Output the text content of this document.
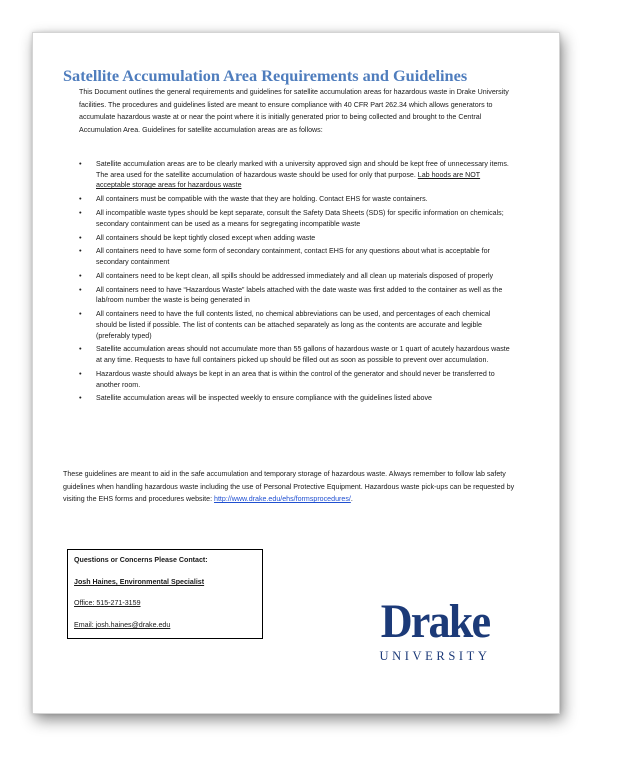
Satellite Accumulation Area Requirements and Guidelines

This Document outlines the general requirements and guidelines for satellite accumulation areas for hazardous waste in Drake University facilities. The procedures and guidelines listed are meant to ensure compliance with 40 CFR Part 262.34 which allows generators to accumulate hazardous waste at or near the point where it is initially generated prior to being collected and brought to the Central Accumulation Area. Guidelines for satellite accumulation areas are as follows:

• Satellite accumulation areas are to be clearly marked with a university approved sign and should be kept free of unnecessary items. The area used for the satellite accumulation of hazardous waste should be used for only that purpose. Lab hoods are NOT acceptable storage areas for hazardous waste
• All containers must be compatible with the waste that they are holding. Contact EHS for waste containers.
• All incompatible waste types should be kept separate, consult the Safety Data Sheets (SDS) for specific information on chemicals; secondary containment can be used as a means for segregating incompatible waste
• All containers should be kept tightly closed except when adding waste
• All containers need to have some form of secondary containment, contact EHS for any questions about what is acceptable for secondary containment
• All containers need to be kept clean, all spills should be addressed immediately and all clean up materials disposed of properly
• All containers need to have “Hazardous Waste” labels attached with the date waste was first added to the container as well as the lab/room number the waste is being generated in
• All containers need to have the full contents listed, no chemical abbreviations can be used, and percentages of each chemical should be listed if possible. The list of contents can be attached separately as long as the contents are accurate and legible (preferably typed)
• Satellite accumulation areas should not accumulate more than 55 gallons of hazardous waste or 1 quart of acutely hazardous waste at any time. Requests to have full containers picked up should be filled out as soon as possible to prevent over accumulation.
• Hazardous waste should always be kept in an area that is within the control of the generator and should never be transferred to another room.
• Satellite accumulation areas will be inspected weekly to ensure compliance with the guidelines listed above

These guidelines are meant to aid in the safe accumulation and temporary storage of hazardous waste. Always remember to follow lab safety guidelines when handling hazardous waste including the use of Personal Protective Equipment. Hazardous waste pick-ups can be requested by visiting the EHS forms and procedures website: http://www.drake.edu/ehs/formsprocedures/.

Questions or Concerns Please Contact:
Josh Haines, Environmental Specialist
Office: 515-271-3159
Email: josh.haines@drake.edu	Drake
UNIVERSITY
